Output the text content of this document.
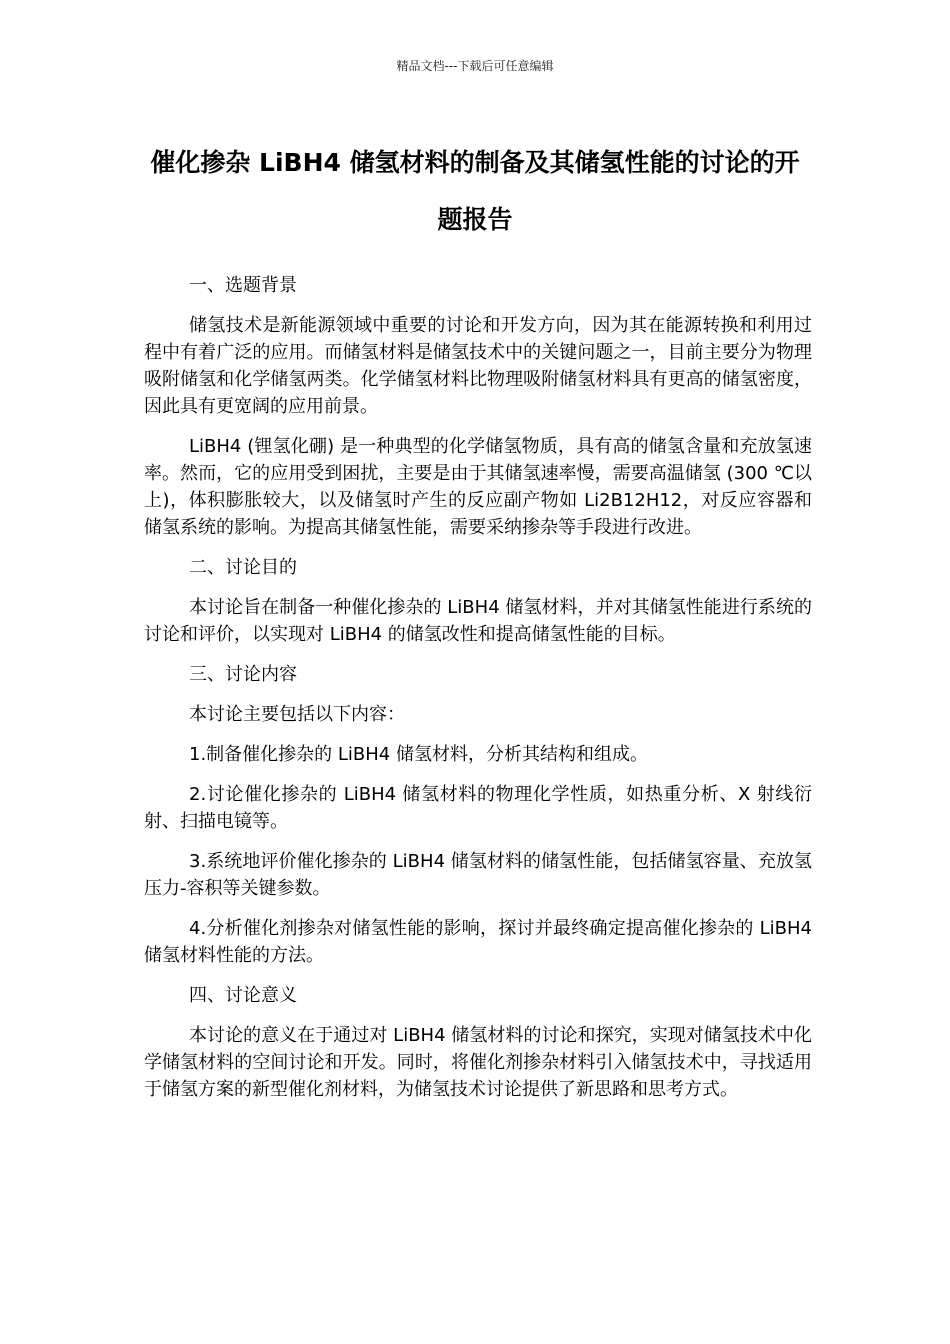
精品文档---下载后可任意编辑
催化掺杂 LiBH4 储氢材料的制备及其储氢性能的讨论的开题报告

一、选题背景

储氢技术是新能源领域中重要的讨论和开发方向，因为其在能源转换和利用过程中有着广泛的应用。而储氢材料是储氢技术中的关键问题之一，目前主要分为物理吸附储氢和化学储氢两类。化学储氢材料比物理吸附储氢材料具有更高的储氢密度，因此具有更宽阔的应用前景。

LiBH4 (锂氢化硼) 是一种典型的化学储氢物质，具有高的储氢含量和充放氢速率。然而，它的应用受到困扰，主要是由于其储氢速率慢，需要高温储氢 (300 ℃以上)，体积膨胀较大，以及储氢时产生的反应副产物如 Li2B12H12，对反应容器和储氢系统的影响。为提高其储氢性能，需要采纳掺杂等手段进行改进。

二、讨论目的

本讨论旨在制备一种催化掺杂的 LiBH4 储氢材料，并对其储氢性能进行系统的讨论和评价，以实现对 LiBH4 的储氢改性和提高储氢性能的目标。

三、讨论内容

本讨论主要包括以下内容：

1.制备催化掺杂的 LiBH4 储氢材料，分析其结构和组成。

2.讨论催化掺杂的 LiBH4 储氢材料的物理化学性质，如热重分析、X 射线衍射、扫描电镜等。

3.系统地评价催化掺杂的 LiBH4 储氢材料的储氢性能，包括储氢容量、充放氢压力-容积等关键参数。

4.分析催化剂掺杂对储氢性能的影响，探讨并最终确定提高催化掺杂的 LiBH4 储氢材料性能的方法。

四、讨论意义

本讨论的意义在于通过对 LiBH4 储氢材料的讨论和探究，实现对储氢技术中化学储氢材料的空间讨论和开发。同时，将催化剂掺杂材料引入储氢技术中，寻找适用于储氢方案的新型催化剂材料，为储氢技术讨论提供了新思路和思考方式。
